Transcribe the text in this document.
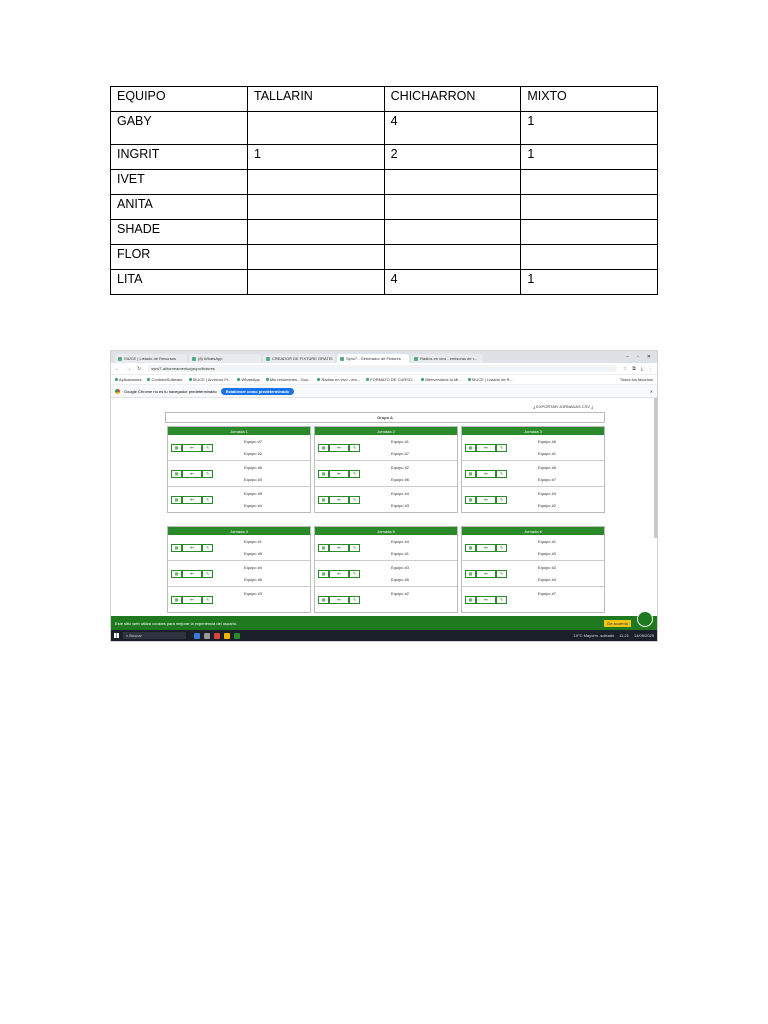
EQUIPO	TALLARIN	CHICHARRON	MIXTO
GABY		4	1
INGRIT	1	2	1
IVET			
ANITA			
SHADE			
FLOR			
LITA		4	1
SIUCE | Listado de Recursos	(8) WhatsApp	CREADOR DE FIXTURE GRATIS	Sync7 - Generador de Fixtures	Radios en vivo - emisoras de r...	– ▫ ✕
← → ↻	sync7.ai/torneamento/grupo/fixtures	☆ ⧉ ⤓ ⋮
Aplicaciones	ContratoSoftware	SIUCE | Archivos Pr...	WhatsApp	Mis resúmenes - Goo...	Radios en vivo - em...	FORMATO DE CURSO...	Bienvenido/a to Mi...	SIUCE | Listado de R...	Todos los favoritos
Google Chrome no es tu navegador predeterminado	Establecer como predeterminado	✕
⤓ EXPORTAR JORNADAS CSV ⤓
Grupo A
Jornada 1
▦	⌖▾	✎
Equipo #7
Equipo #2
▦	⌖▾	✎
Equipo #6
Equipo #3
▦	⌖▾	✎
Equipo #5
Equipo #4
Jornada 2
▦	⌖▾	✎
Equipo #1
Equipo #7
▦	⌖▾	✎
Equipo #2
Equipo #6
▦	⌖▾	✎
Equipo #4
Equipo #3
Jornada 3
▦	⌖▾	✎
Equipo #6
Equipo #1
▦	⌖▾	✎
Equipo #5
Equipo #7
▦	⌖▾	✎
Equipo #3
Equipo #2
Jornada 4
▦	⌖▾	✎
Equipo #1
Equipo #5
▦	⌖▾	✎
Equipo #4
Equipo #6
▦	⌖▾	✎
Equipo #3
Jornada 5
▦	⌖▾	✎
Equipo #4
Equipo #1
▦	⌖▾	✎
Equipo #3
Equipo #5
▦	⌖▾	✎
Equipo #2
Jornada 6
▦	⌖▾	✎
Equipo #1
Equipo #3
▦	⌖▾	✎
Equipo #2
Equipo #4
▦	⌖▾	✎
Equipo #7
Este sitio web utiliza cookies para mejorar la experiencia del usuario.	De acuerdo
⌕ Buscar	19°C Mayorm. soleado 11:21 14/05/2025
